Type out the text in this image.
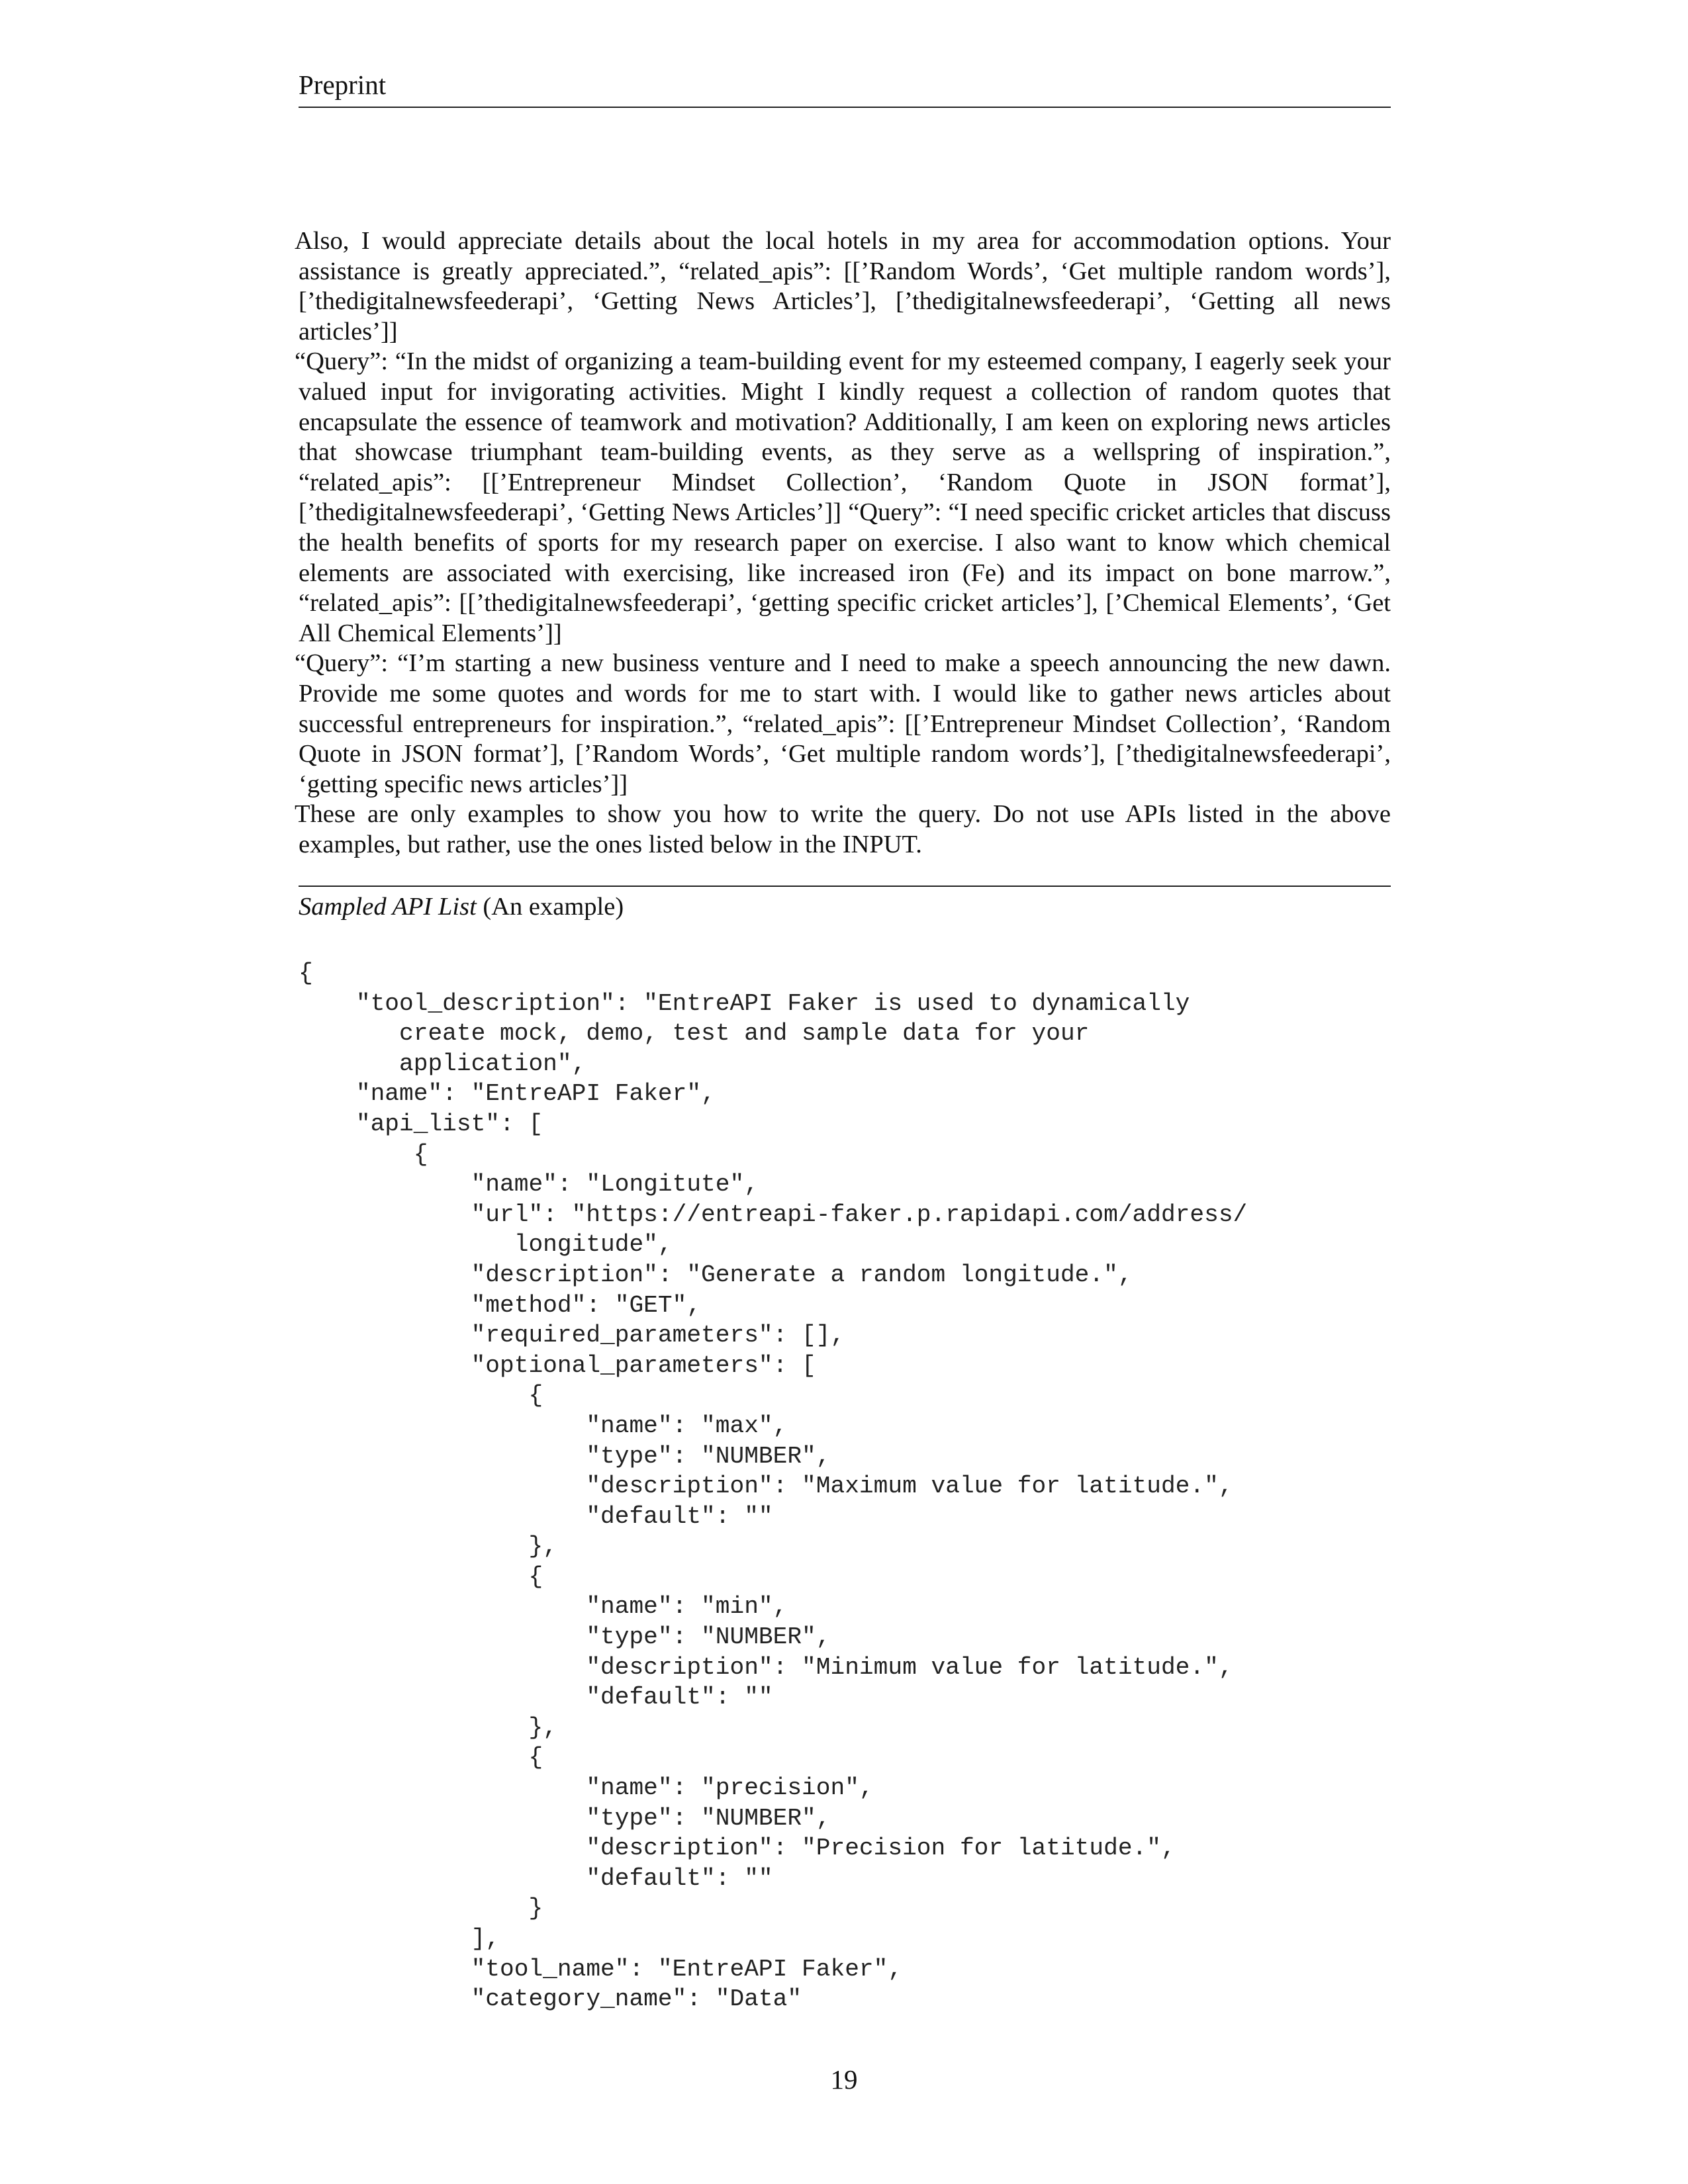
Preprint

Also, I would appreciate details about the local hotels in my area for accommodation options. Your assistance is greatly appreciated.”, “related_apis”: [[’Random Words’, ‘Get multiple random words’], [’thedigitalnewsfeederapi’, ‘Getting News Articles’], [’thedigitalnewsfeederapi’, ‘Getting all news articles’]]

“Query”: “In the midst of organizing a team-building event for my esteemed company, I eagerly seek your valued input for invigorating activities. Might I kindly request a collection of random quotes that encapsulate the essence of teamwork and motivation? Additionally, I am keen on exploring news articles that showcase triumphant team-building events, as they serve as a wellspring of inspiration.”, “related_apis”: [[’Entrepreneur Mindset Collection’, ‘Random Quote in JSON format’], [’thedigitalnewsfeederapi’, ‘Getting News Articles’]] “Query”: “I need specific cricket articles that discuss the health benefits of sports for my research paper on exercise. I also want to know which chemical elements are associated with exercising, like increased iron (Fe) and its impact on bone marrow.”, “related_apis”: [[’thedigitalnewsfeederapi’, ‘getting specific cricket articles’], [’Chemical Elements’, ‘Get All Chemical Elements’]]

“Query”: “I’m starting a new business venture and I need to make a speech announcing the new dawn. Provide me some quotes and words for me to start with. I would like to gather news articles about successful entrepreneurs for inspiration.”, “related_apis”: [[’Entrepreneur Mindset Collection’, ‘Random Quote in JSON format’], [’Random Words’, ‘Get multiple random words’], [’thedigitalnewsfeederapi’, ‘getting specific news articles’]]

These are only examples to show you how to write the query. Do not use APIs listed in the above examples, but rather, use the ones listed below in the INPUT.

Sampled API List (An example)
{
"tool_description": "EntreAPI Faker is used to dynamically
create mock, demo, test and sample data for your
application",
"name": "EntreAPI Faker",
"api_list": [
{
"name": "Longitute",
"url": "https://entreapi-faker.p.rapidapi.com/address/
longitude",
"description": "Generate a random longitude.",
"method": "GET",
"required_parameters": [],
"optional_parameters": [
{
"name": "max",
"type": "NUMBER",
"description": "Maximum value for latitude.",
"default": ""
},
{
"name": "min",
"type": "NUMBER",
"description": "Minimum value for latitude.",
"default": ""
},
{
"name": "precision",
"type": "NUMBER",
"description": "Precision for latitude.",
"default": ""
}
],
"tool_name": "EntreAPI Faker",
"category_name": "Data"
19
